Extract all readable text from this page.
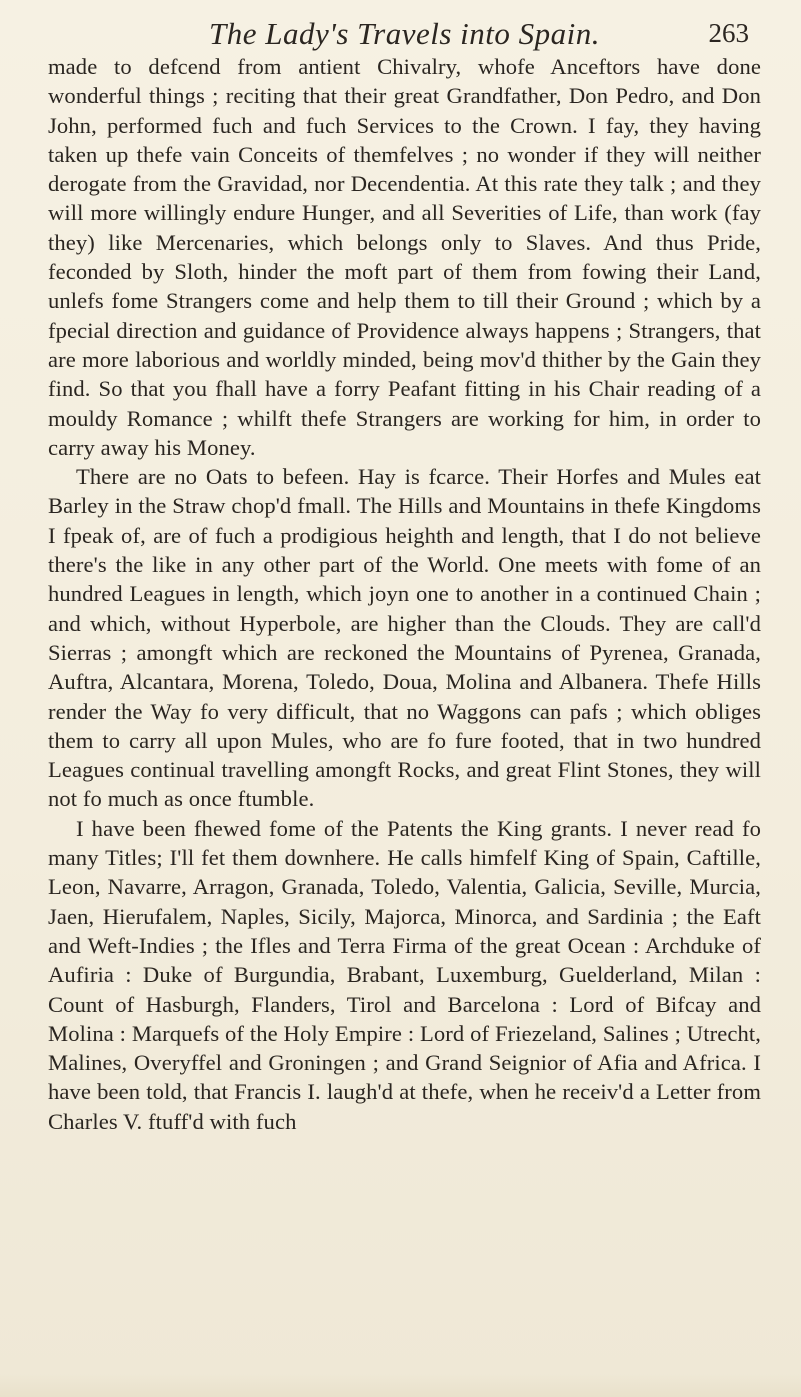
The Lady's Travels into Spain.	263

made to defcend from antient Chivalry, whofe Anceftors have done wonderful things ; reciting that their great Grandfather, Don Pedro, and Don John, performed fuch and fuch Services to the Crown. I fay, they having taken up thefe vain Conceits of themfelves ; no wonder if they will neither derogate from the Gravidad, nor Decendentia. At this rate they talk ; and they will more willingly endure Hunger, and all Severities of Life, than work (fay they) like Mercenaries, which belongs only to Slaves. And thus Pride, feconded by Sloth, hinder the moft part of them from fowing their Land, unlefs fome Strangers come and help them to till their Ground ; which by a fpecial direction and guidance of Providence always happens ; Strangers, that are more laborious and worldly minded, being mov'd thither by the Gain they find. So that you fhall have a forry Peafant fitting in his Chair reading of a mouldy Romance ; whilft thefe Strangers are working for him, in order to carry away his Money.

There are no Oats to befeen. Hay is fcarce. Their Horfes and Mules eat Barley in the Straw chop'd fmall. The Hills and Mountains in thefe Kingdoms I fpeak of, are of fuch a prodigious heighth and length, that I do not believe there's the like in any other part of the World. One meets with fome of an hundred Leagues in length, which joyn one to another in a continued Chain ; and which, without Hyperbole, are higher than the Clouds. They are call'd Sierras ; amongft which are reckoned the Mountains of Pyrenea, Granada, Auftra, Alcantara, Morena, Toledo, Doua, Molina and Albanera. Thefe Hills render the Way fo very difficult, that no Waggons can pafs ; which obliges them to carry all upon Mules, who are fo fure footed, that in two hundred Leagues continual travelling amongft Rocks, and great Flint Stones, they will not fo much as once ftumble.

I have been fhewed fome of the Patents the King grants. I never read fo many Titles; I'll fet them downhere. He calls himfelf King of Spain, Caftille, Leon, Navarre, Arragon, Granada, Toledo, Valentia, Galicia, Seville, Murcia, Jaen, Hierufalem, Naples, Sicily, Majorca, Minorca, and Sardinia ; the Eaft and Weft-Indies ; the Ifles and Terra Firma of the great Ocean : Archduke of Aufiria : Duke of Burgundia, Brabant, Luxemburg, Guelderland, Milan : Count of Hasburgh, Flanders, Tirol and Barcelona : Lord of Bifcay and Molina : Marquefs of the Holy Empire : Lord of Friezeland, Salines ; Utrecht, Malines, Overyffel and Groningen ; and Grand Seignior of Afia and Africa. I have been told, that Francis I. laugh'd at thefe, when he receiv'd a Letter from Charles V. ftuff'd with fuch
